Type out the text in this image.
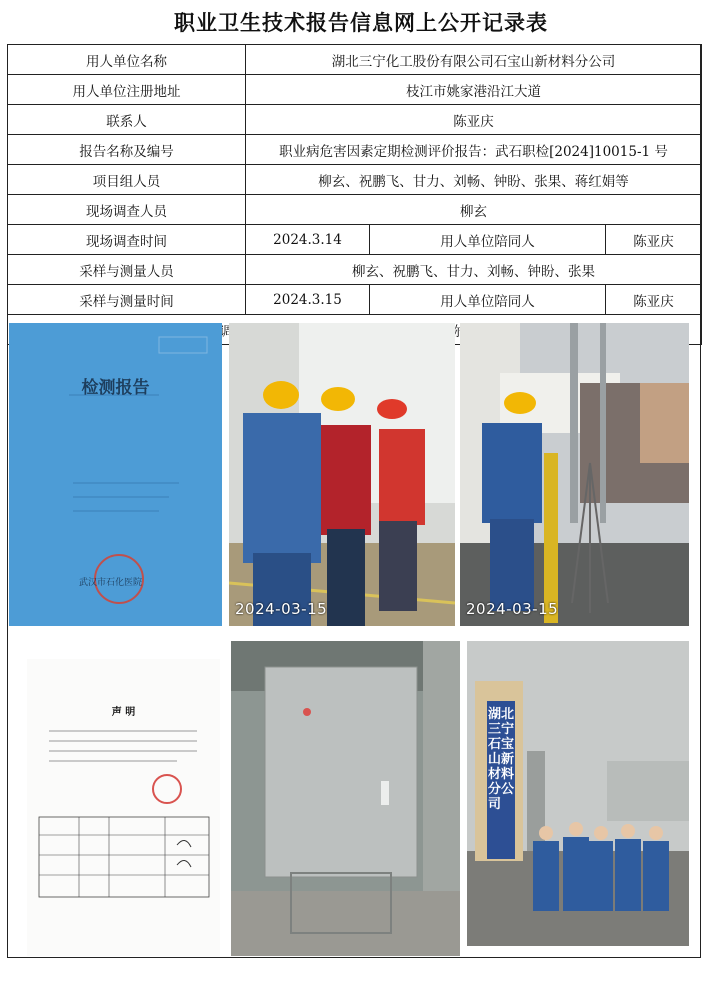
职业卫生技术报告信息网上公开记录表
用人单位名称	湖北三宁化工股份有限公司石宝山新材料分公司		
用人单位注册地址	枝江市姚家港沿江大道		
联系人	陈亚庆		
报告名称及编号	职业病危害因素定期检测评价报告：武石职检[2024]10015-1 号		
项目组人员	柳玄、祝鹏飞、甘力、刘畅、钟盼、张果、蒋红娟等		
现场调查人员	柳玄		
现场调查时间	2024.3.14	用人单位陪同人	陈亚庆
采样与测量人员	柳玄、祝鹏飞、甘力、刘畅、钟盼、张果		
采样与测量时间	2024.3.15	用人单位陪同人	陈亚庆

检测报告
武汉市石化医院
2024-03-15	2024-03-15
声 明	湖北三宁石宝山新材料分公司
